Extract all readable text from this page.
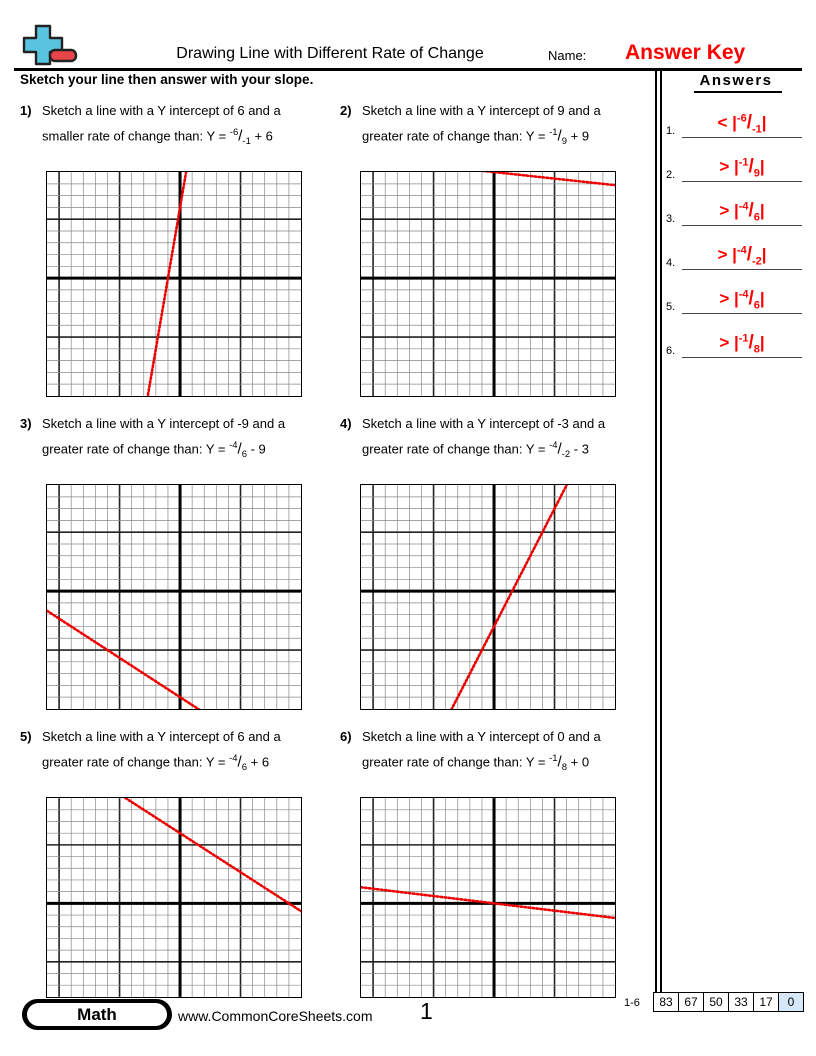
Drawing Line with Different Rate of Change	Name: Answer Key
Sketch your line then answer with your slope.	Answers
1.	< $|^{-6}/_{-1}|$
2.	> $|^{-1}/_9|$
3.	> $|^{-4}/_6|$
4.	> $|^{-4}/_{-2}|$
5.	> $|^{-4}/_6|$
6.	> $|^{-1}/_8|$
1) Sketch a line with a Y intercept of 6 and a smaller rate of change than: $Y = ^{-6}/_{-1} + 6$
2) Sketch a line with a Y intercept of 9 and a greater rate of change than: $Y = ^{-1}/_9 + 9$
3) Sketch a line with a Y intercept of -9 and a greater rate of change than: $Y = ^{-4}/_6 - 9$
4) Sketch a line with a Y intercept of -3 and a greater rate of change than: $Y = ^{-4}/_{-2} - 3$
5) Sketch a line with a Y intercept of 6 and a greater rate of change than: $Y = ^{-4}/_6 + 6$
6) Sketch a line with a Y intercept of 0 and a greater rate of change than: $Y = ^{-1}/_8 + 0$
Math	www.CommonCoreSheets.com 1	1-6	83 67 50 33 17	0
